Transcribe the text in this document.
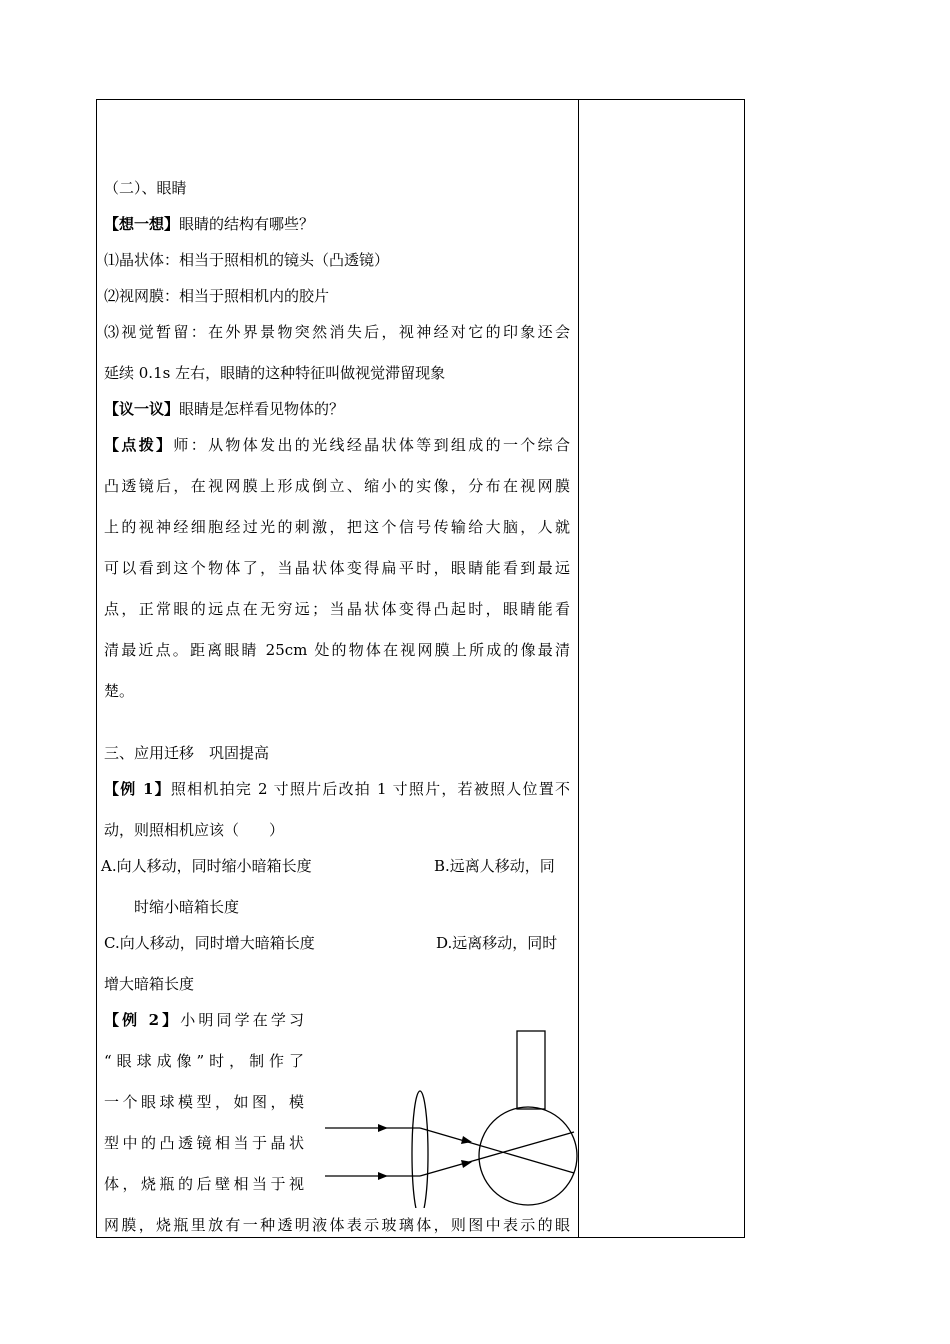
（二）、眼睛
【想一想】眼睛的结构有哪些？
⑴晶状体：相当于照相机的镜头（凸透镜）
⑵视网膜：相当于照相机内的胶片
⑶视觉暂留：在外界景物突然消失后，视神经对它的印象还会
延续 0.1s 左右，眼睛的这种特征叫做视觉滞留现象
【议一议】眼睛是怎样看见物体的？
【点拨】师：从物体发出的光线经晶状体等到组成的一个综合
凸透镜后，在视网膜上形成倒立、缩小的实像，分布在视网膜
上的视神经细胞经过光的刺激，把这个信号传输给大脑，人就
可以看到这个物体了，当晶状体变得扁平时，眼睛能看到最远
点，正常眼的远点在无穷远；当晶状体变得凸起时，眼睛能看
清最近点。距离眼睛 25cm 处的物体在视网膜上所成的像最清
楚。
三、应用迁移　巩固提高
【例 1】照相机拍完 2 寸照片后改拍 1 寸照片，若被照人位置不
动，则照相机应该（　　）
A.向人移动，同时缩小暗箱长度	B.远离人移动，同
时缩小暗箱长度
C.向人移动，同时增大暗箱长度	D.远离移动，同时
增大暗箱长度
【例 2】小明同学在学习
“眼球成像”时，制作了
一个眼球模型，如图，模
型中的凸透镜相当于晶状
体，烧瓶的后壁相当于视
网膜，烧瓶里放有一种透明液体表示玻璃体，则图中表示的眼
